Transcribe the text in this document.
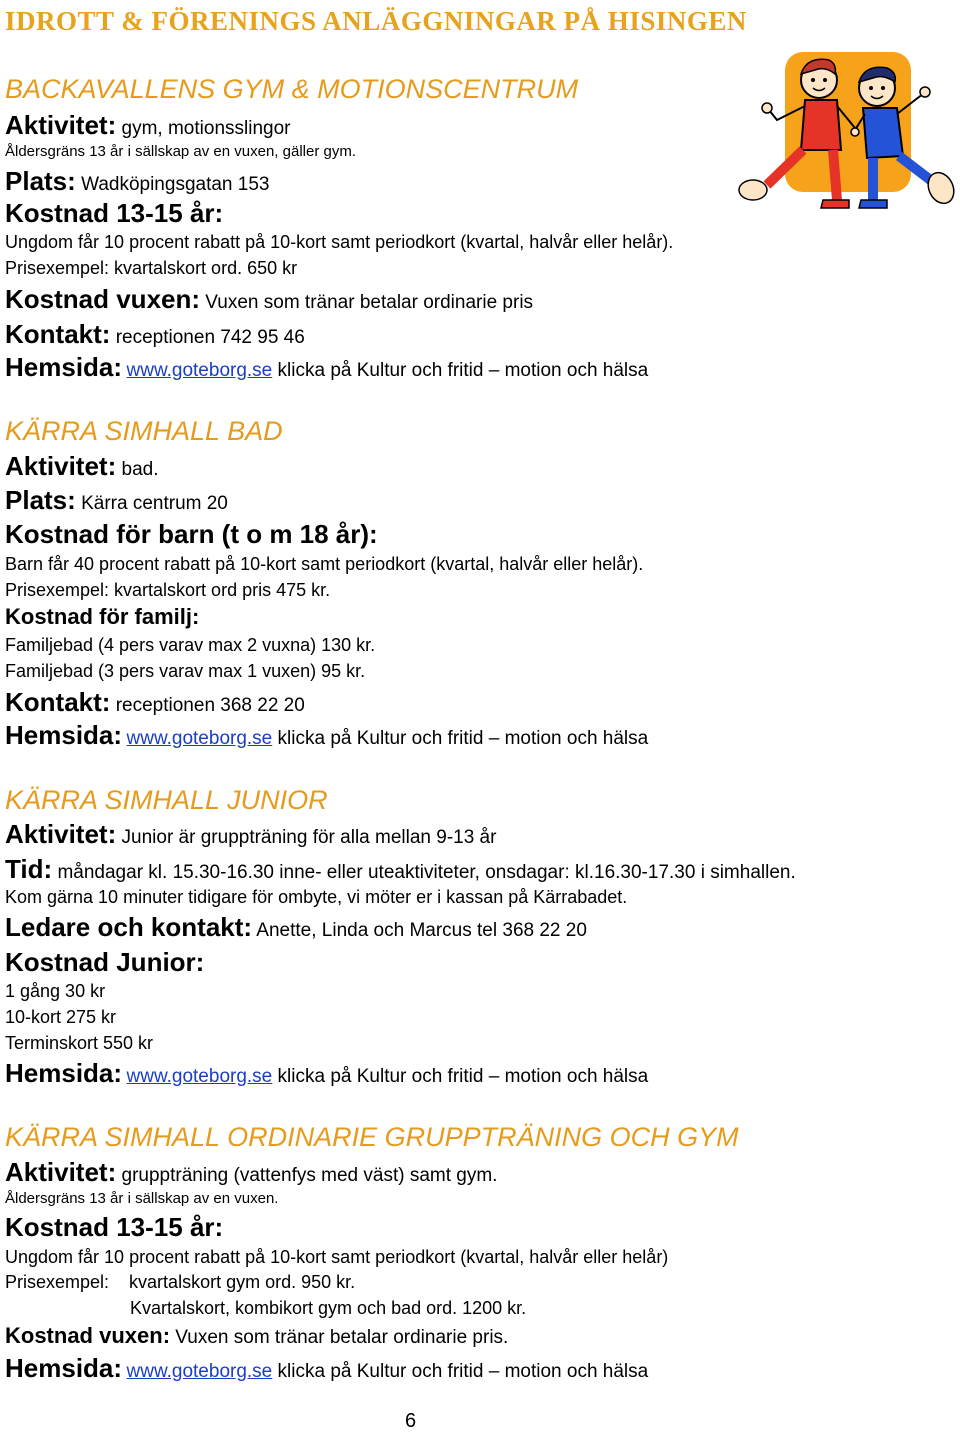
IDROTT & FÖRENINGS ANLÄGGNINGAR PÅ HISINGEN
BACKAVALLENS GYM & MOTIONSCENTRUM
Aktivitet: gym, motionsslingor
Åldersgräns 13 år i sällskap av en vuxen, gäller gym.
Plats: Wadköpingsgatan 153
Kostnad 13-15 år:
Ungdom får 10 procent rabatt på 10-kort samt periodkort (kvartal, halvår eller helår).
Prisexempel: kvartalskort ord. 650 kr
Kostnad vuxen: Vuxen som tränar betalar ordinarie pris
Kontakt: receptionen 742 95 46
Hemsida: www.goteborg.se klicka på Kultur och fritid – motion och hälsa
KÄRRA SIMHALL BAD
Aktivitet: bad.
Plats: Kärra centrum 20
Kostnad för barn (t o m 18 år):
Barn får 40 procent rabatt på 10-kort samt periodkort (kvartal, halvår eller helår).
Prisexempel: kvartalskort ord pris 475 kr.
Kostnad för familj:
Familjebad (4 pers varav max 2 vuxna) 130 kr.
Familjebad (3 pers varav max 1 vuxen) 95 kr.
Kontakt: receptionen 368 22 20
Hemsida: www.goteborg.se klicka på Kultur och fritid – motion och hälsa
KÄRRA SIMHALL JUNIOR
Aktivitet: Junior är gruppträning för alla mellan 9-13 år
Tid: måndagar kl. 15.30-16.30 inne- eller uteaktiviteter, onsdagar: kl.16.30-17.30 i simhallen.
Kom gärna 10 minuter tidigare för ombyte, vi möter er i kassan på Kärrabadet.
Ledare och kontakt: Anette, Linda och Marcus tel 368 22 20
Kostnad Junior:
1 gång 30 kr
10-kort 275 kr
Terminskort 550 kr
Hemsida: www.goteborg.se klicka på Kultur och fritid – motion och hälsa
KÄRRA SIMHALL ORDINARIE GRUPPTRÄNING OCH GYM
Aktivitet: gruppträning (vattenfys med väst) samt gym.
Åldersgräns 13 år i sällskap av en vuxen.
Kostnad 13-15 år:
Ungdom får 10 procent rabatt på 10-kort samt periodkort (kvartal, halvår eller helår)
Prisexempel: kvartalskort gym ord. 950 kr.
Kvartalskort, kombikort gym och bad ord. 1200 kr.
Kostnad vuxen: Vuxen som tränar betalar ordinarie pris.
Hemsida: www.goteborg.se klicka på Kultur och fritid – motion och hälsa
6
